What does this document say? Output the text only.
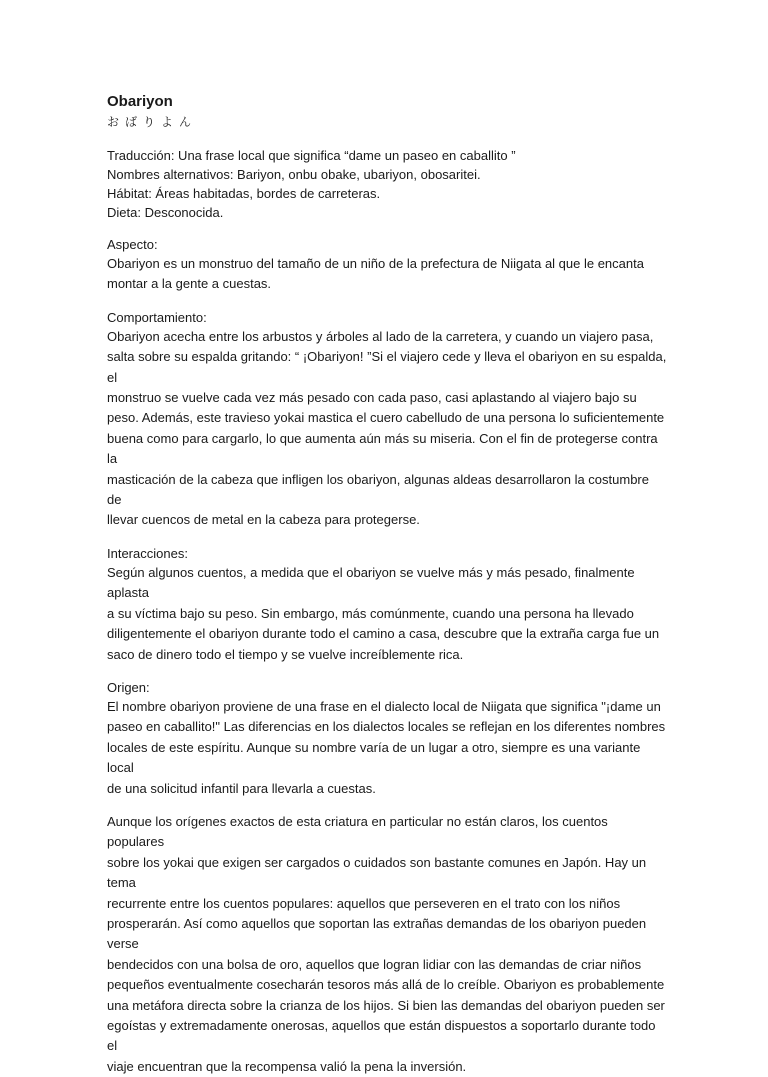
Obariyon

おばりよん

Traducción: Una frase local que significa “dame un paseo en caballito ”

Nombres alternativos: Bariyon, onbu obake, ubariyon, obosaritei.

Hábitat: Áreas habitadas, bordes de carreteras.

Dieta: Desconocida.

Aspecto:

Obariyon es un monstruo del tamaño de un niño de la prefectura de Niigata al que le encanta

montar a la gente a cuestas.

Comportamiento:

Obariyon acecha entre los arbustos y árboles al lado de la carretera, y cuando un viajero pasa,

salta sobre su espalda gritando: “ ¡Obariyon! ”Si el viajero cede y lleva el obariyon en su espalda, el

monstruo se vuelve cada vez más pesado con cada paso, casi aplastando al viajero bajo su

peso. Además, este travieso yokai mastica el cuero cabelludo de una persona lo suficientemente

buena como para cargarlo, lo que aumenta aún más su miseria. Con el fin de protegerse contra la

masticación de la cabeza que infligen los obariyon, algunas aldeas desarrollaron la costumbre de

llevar cuencos de metal en la cabeza para protegerse.

Interacciones:

Según algunos cuentos, a medida que el obariyon se vuelve más y más pesado, finalmente aplasta

a su víctima bajo su peso. Sin embargo, más comúnmente, cuando una persona ha llevado

diligentemente el obariyon durante todo el camino a casa, descubre que la extraña carga fue un

saco de dinero todo el tiempo y se vuelve increíblemente rica.

Origen:

El nombre obariyon proviene de una frase en el dialecto local de Niigata que significa "¡dame un

paseo en caballito!" Las diferencias en los dialectos locales se reflejan en los diferentes nombres

locales de este espíritu. Aunque su nombre varía de un lugar a otro, siempre es una variante local

de una solicitud infantil para llevarla a cuestas.

Aunque los orígenes exactos de esta criatura en particular no están claros, los cuentos populares

sobre los yokai que exigen ser cargados o cuidados son bastante comunes en Japón. Hay un tema

recurrente entre los cuentos populares: aquellos que perseveren en el trato con los niños

prosperarán. Así como aquellos que soportan las extrañas demandas de los obariyon pueden verse

bendecidos con una bolsa de oro, aquellos que logran lidiar con las demandas de criar niños

pequeños eventualmente cosecharán tesoros más allá de lo creíble. Obariyon es probablemente

una metáfora directa sobre la crianza de los hijos. Si bien las demandas del obariyon pueden ser

egoístas y extremadamente onerosas, aquellos que están dispuestos a soportarlo durante todo el

viaje encuentran que la recompensa valió la pena la inversión.
